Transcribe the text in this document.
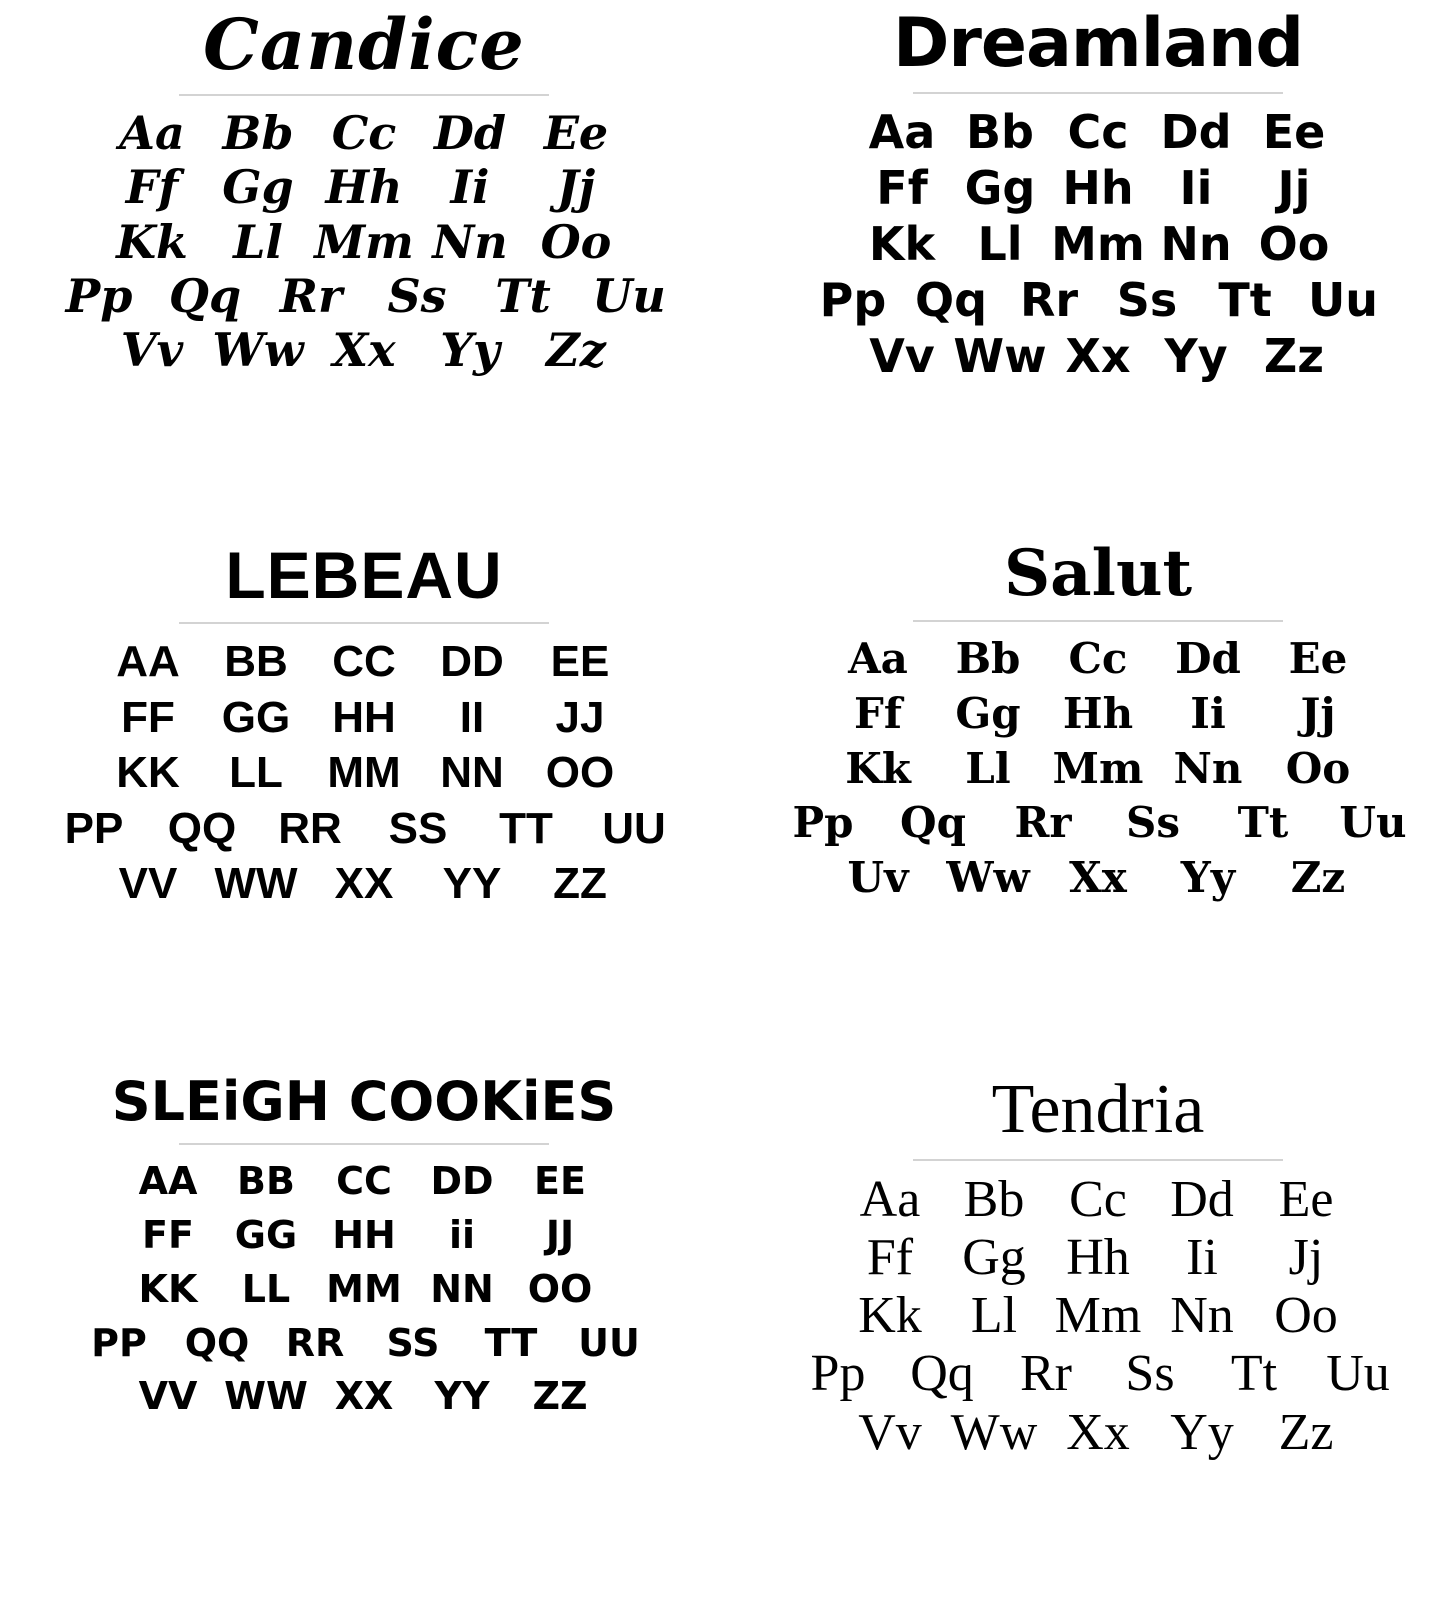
Candice
Aa Bb Cc Dd Ee
Ff Gg Hh	Ii	Jj
Kk Ll Mm Nn Oo
Pp Qq Rr Ss	Tt Uu
Vv Ww Xx Yy	Zz
Dreamland
Aa Bb Cc Dd Ee
Ff Gg Hh Ii	Jj
Kk Ll Mm Nn Oo
Pp Qq Rr Ss Tt Uu
Vv Ww Xx Yy Zz
LEBEAU
AA	BB	CC	DD	EE
FF	GG HH	II	JJ
KK	LL	MM NN OO
PP	QQ RR	SS	TT	UU
VV WW XX	YY	ZZ
Salut
Aa	Bb	Cc	Dd	Ee
Ff	Gg	Hh	Ii	Jj
Kk	Ll Mm Nn	Oo
Pp	Qq	Rr	Ss	Tt	Uu
Uv Ww Xx	Yy	Zz
SLEiGH COOKiES
AA	BB	CC	DD	EE
FF	GG HH	ii	JJ
KK	LL MM NN OO
PP QQ RR	SS	TT	UU
VV WW XX	YY	ZZ
Tendria
Aa Bb Cc Dd Ee
Ff Gg Hh	Ii	Jj
Kk Ll Mm Nn Oo
Pp Qq Rr	Ss	Tt Uu
Vv Ww Xx Yy Zz
